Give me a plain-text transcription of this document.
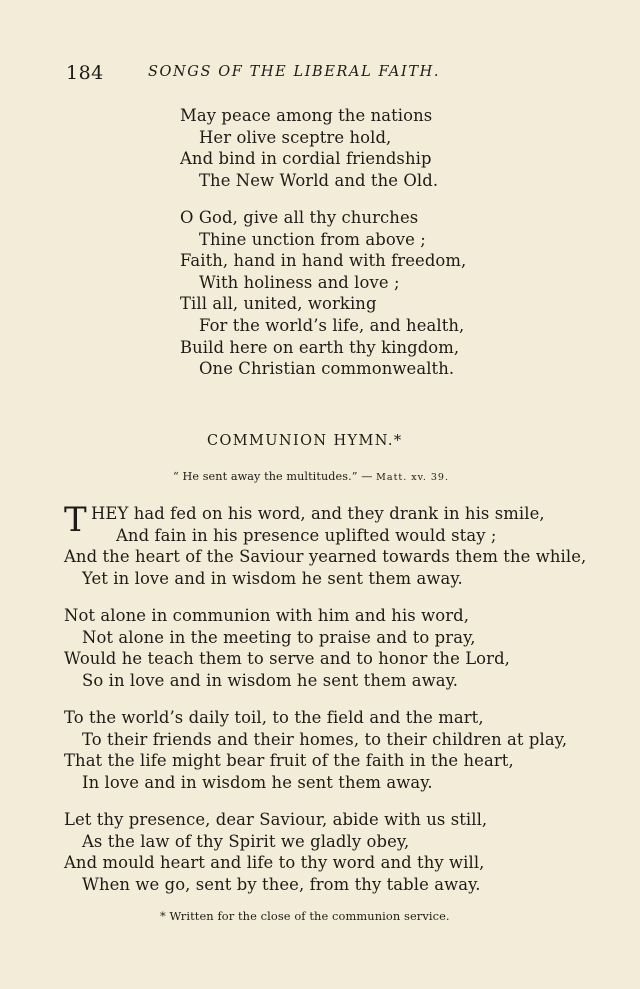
184	SONGS OF THE LIBERAL FAITH.
May peace among the nations
Her olive sceptre hold,
And bind in cordial friendship
The New World and the Old.
O God, give all thy churches
Thine unction from above ;
Faith, hand in hand with freedom,
With holiness and love ;
Till all, united, working
For the world’s life, and health,
Build here on earth thy kingdom,
One Christian commonwealth.
COMMUNION HYMN.*
“ He sent away the multitudes.” — Matt. xv. 39.
T HEY had fed on his word, and they drank in his smile,
And fain in his presence uplifted would stay ;
And the heart of the Saviour yearned towards them the while,
Yet in love and in wisdom he sent them away.
Not alone in communion with him and his word,
Not alone in the meeting to praise and to pray,
Would he teach them to serve and to honor the Lord,
So in love and in wisdom he sent them away.
To the world’s daily toil, to the field and the mart,
To their friends and their homes, to their children at play,
That the life might bear fruit of the faith in the heart,
In love and in wisdom he sent them away.
Let thy presence, dear Saviour, abide with us still,
As the law of thy Spirit we gladly obey,
And mould heart and life to thy word and thy will,
When we go, sent by thee, from thy table away.
* Written for the close of the communion service.
